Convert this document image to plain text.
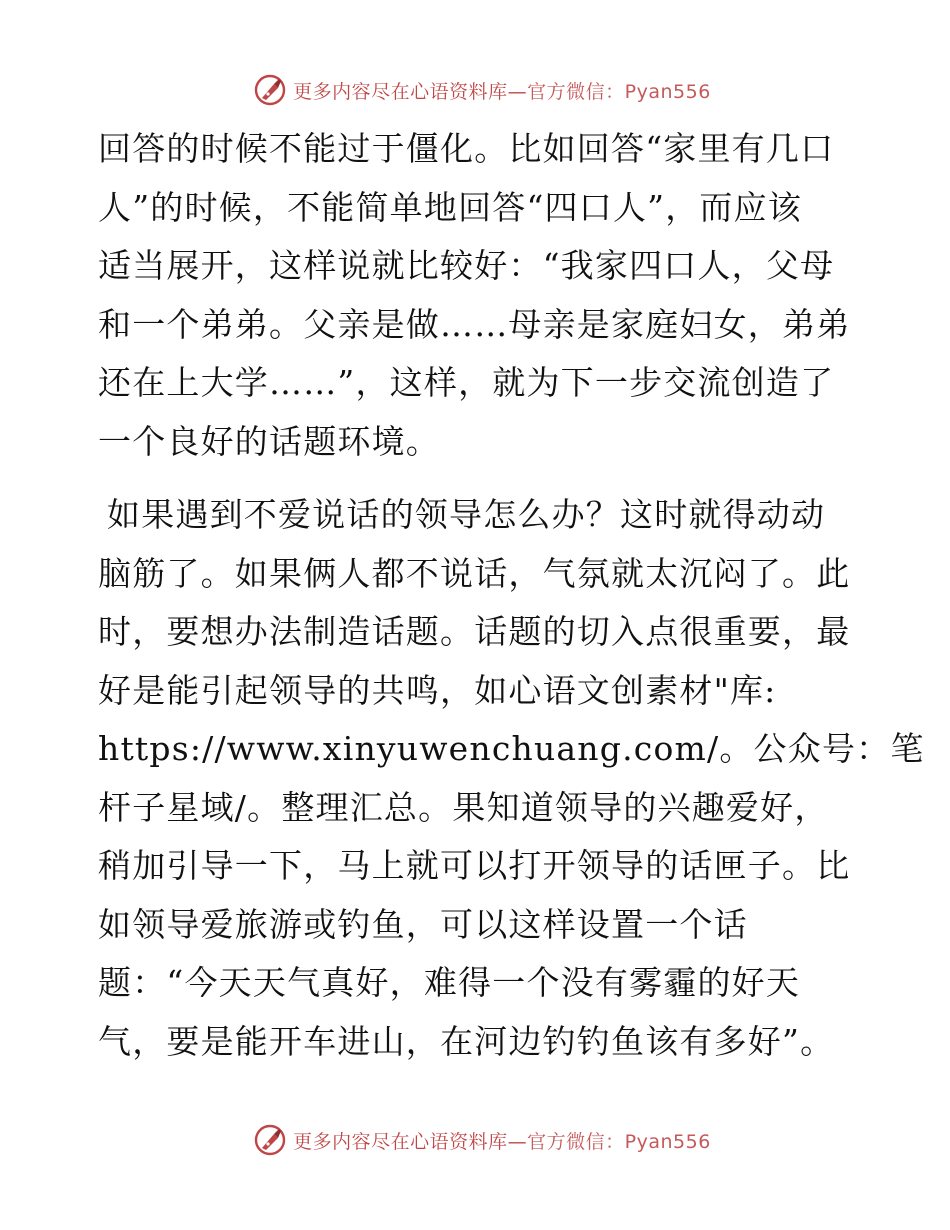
更多内容尽在心语资料库—官方微信：Pyan556

回答的时候不能过于僵化。比如回答“家里有几口
人”的时候，不能简单地回答“四口人”，而应该
适当展开，这样说就比较好：“我家四口人，父母
和一个弟弟。父亲是做……母亲是家庭妇女，弟弟
还在上大学……”，这样，就为下一步交流创造了
一个良好的话题环境。

如果遇到不爱说话的领导怎么办？这时就得动动
脑筋了。如果俩人都不说话，气氛就太沉闷了。此
时，要想办法制造话题。话题的切入点很重要，最
好是能引起领导的共鸣，如心语文创素材"库:
https://www.xinyuwenchuang.com/。公众号：笔
杆子星域/。整理汇总。果知道领导的兴趣爱好，
稍加引导一下，马上就可以打开领导的话匣子。比
如领导爱旅游或钓鱼，可以这样设置一个话
题：“今天天气真好，难得一个没有雾霾的好天
气，要是能开车进山，在河边钓钓鱼该有多好”。

更多内容尽在心语资料库—官方微信：Pyan556
